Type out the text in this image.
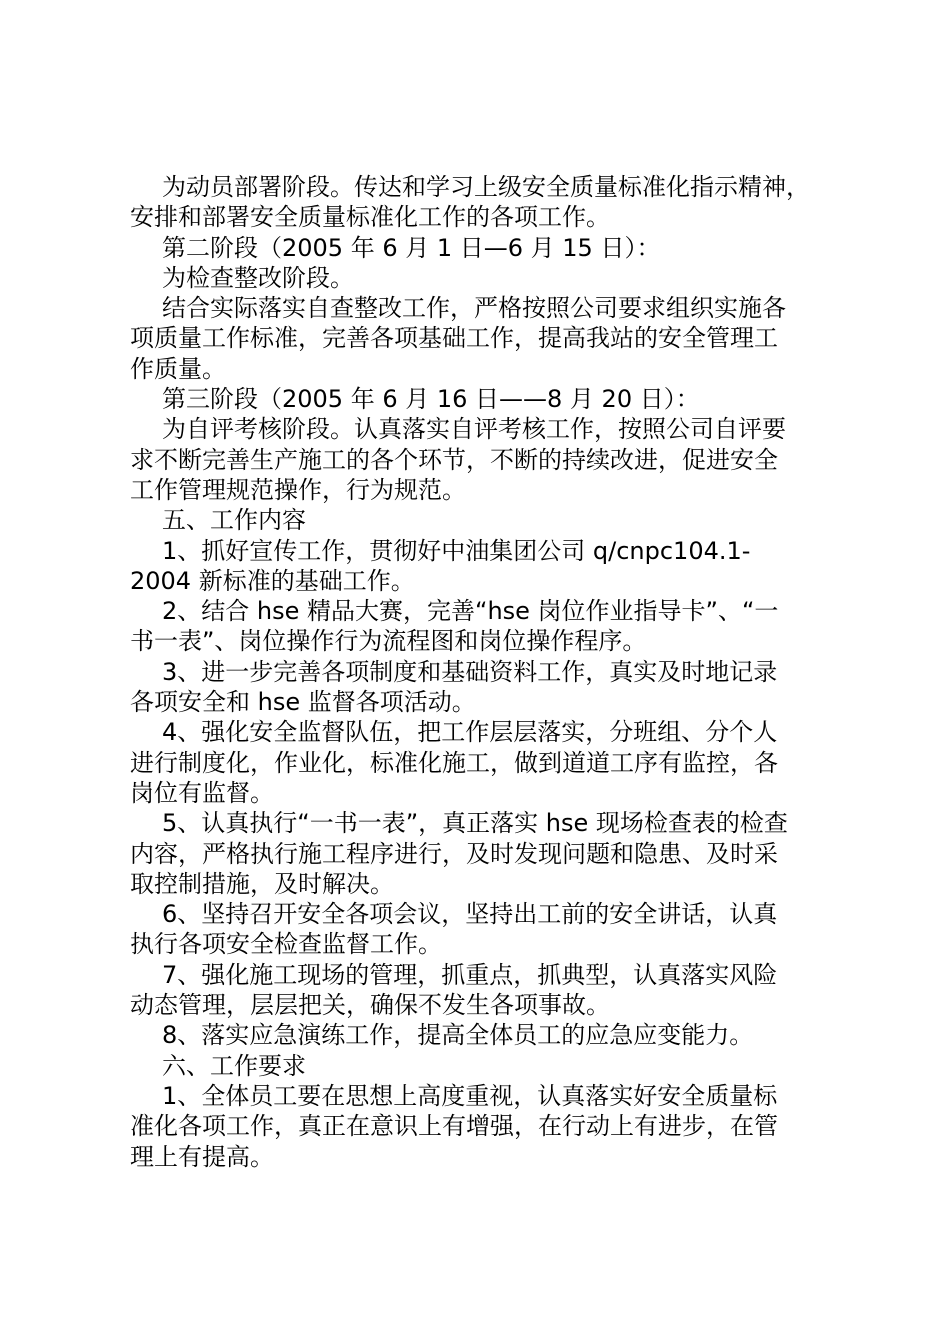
为动员部署阶段。传达和学习上级安全质量标准化指示精神，
安排和部署安全质量标准化工作的各项工作。
第二阶段（2005 年 6 月 1 日—6 月 15 日）：
为检查整改阶段。
结合实际落实自查整改工作，严格按照公司要求组织实施各
项质量工作标准，完善各项基础工作，提高我站的安全管理工
作质量。
第三阶段（2005 年 6 月 16 日——8 月 20 日）：
为自评考核阶段。认真落实自评考核工作，按照公司自评要
求不断完善生产施工的各个环节，不断的持续改进，促进安全
工作管理规范操作，行为规范。
五、工作内容
1、抓好宣传工作，贯彻好中油集团公司 q/cnpc104.1-
2004 新标准的基础工作。
2、结合 hse 精品大赛，完善“hse 岗位作业指导卡”、“一
书一表”、岗位操作行为流程图和岗位操作程序。
3、进一步完善各项制度和基础资料工作，真实及时地记录
各项安全和 hse 监督各项活动。
4、强化安全监督队伍，把工作层层落实，分班组、分个人
进行制度化，作业化，标准化施工，做到道道工序有监控，各
岗位有监督。
5、认真执行“一书一表”，真正落实 hse 现场检查表的检查
内容，严格执行施工程序进行，及时发现问题和隐患、及时采
取控制措施，及时解决。
6、坚持召开安全各项会议，坚持出工前的安全讲话，认真
执行各项安全检查监督工作。
7、强化施工现场的管理，抓重点，抓典型，认真落实风险
动态管理，层层把关，确保不发生各项事故。
8、落实应急演练工作，提高全体员工的应急应变能力。
六、工作要求
1、全体员工要在思想上高度重视，认真落实好安全质量标
准化各项工作，真正在意识上有增强，在行动上有进步，在管
理上有提高。
